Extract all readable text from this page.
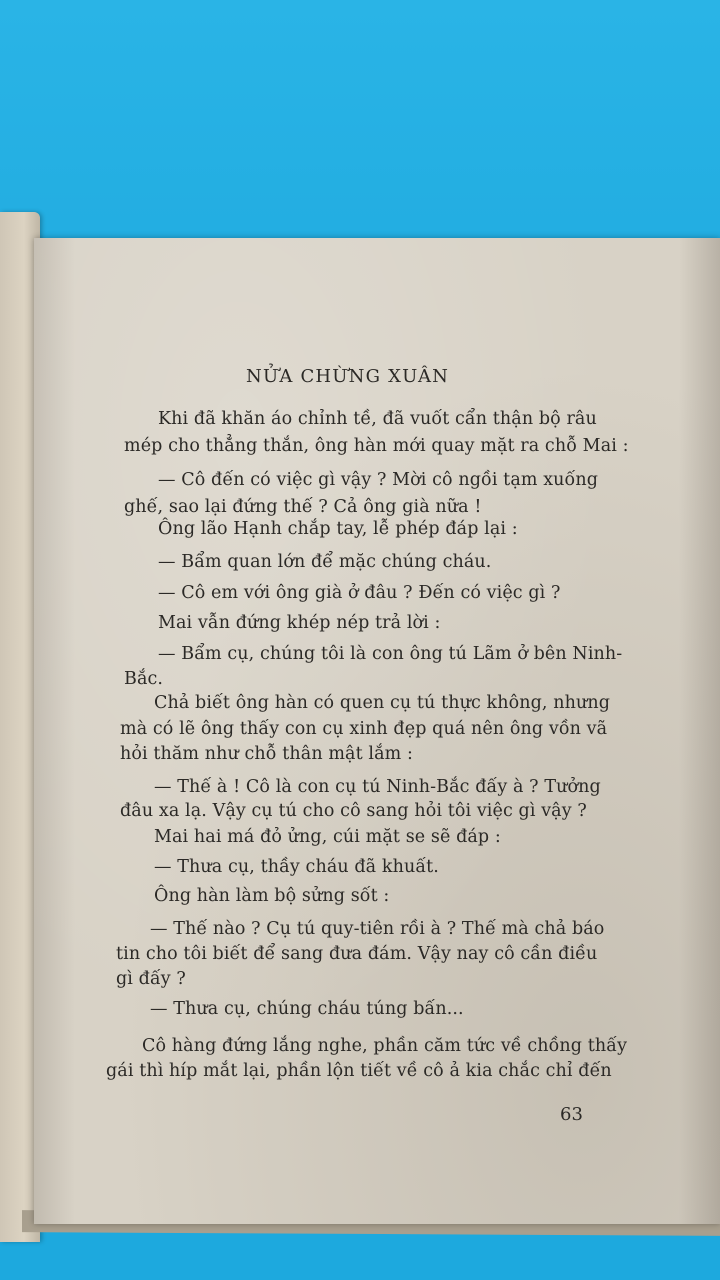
NỬA CHỪNG XUÂN
Khi đã khăn áo chỉnh tề, đã vuốt cẩn thận bộ râu
mép cho thẳng thắn, ông hàn mới quay mặt ra chỗ Mai :
— Cô đến có việc gì vậy ? Mời cô ngồi tạm xuống
ghế, sao lại đứng thế ? Cả ông già nữa !
Ông lão Hạnh chắp tay, lễ phép đáp lại :
— Bẩm quan lớn để mặc chúng cháu.
— Cô em với ông già ở đâu ? Đến có việc gì ?
Mai vẫn đứng khép nép trả lời :
— Bẩm cụ, chúng tôi là con ông tú Lãm ở bên Ninh-
Bắc.
Chả biết ông hàn có quen cụ tú thực không, nhưng
mà có lẽ ông thấy con cụ xinh đẹp quá nên ông vồn vã
hỏi thăm như chỗ thân mật lắm :
— Thế à ! Cô là con cụ tú Ninh-Bắc đấy à ? Tưởng
đâu xa lạ. Vậy cụ tú cho cô sang hỏi tôi việc gì vậy ?
Mai hai má đỏ ửng, cúi mặt se sẽ đáp :
— Thưa cụ, thầy cháu đã khuất.
Ông hàn làm bộ sửng sốt :
— Thế nào ? Cụ tú quy-tiên rồi à ? Thế mà chả báo
tin cho tôi biết để sang đưa đám. Vậy nay cô cần điều
gì đấy ?
— Thưa cụ, chúng cháu túng bấn...
Cô hàng đứng lắng nghe, phần căm tức về chồng thấy
gái thì híp mắt lại, phần lộn tiết về cô ả kia chắc chỉ đến
63
